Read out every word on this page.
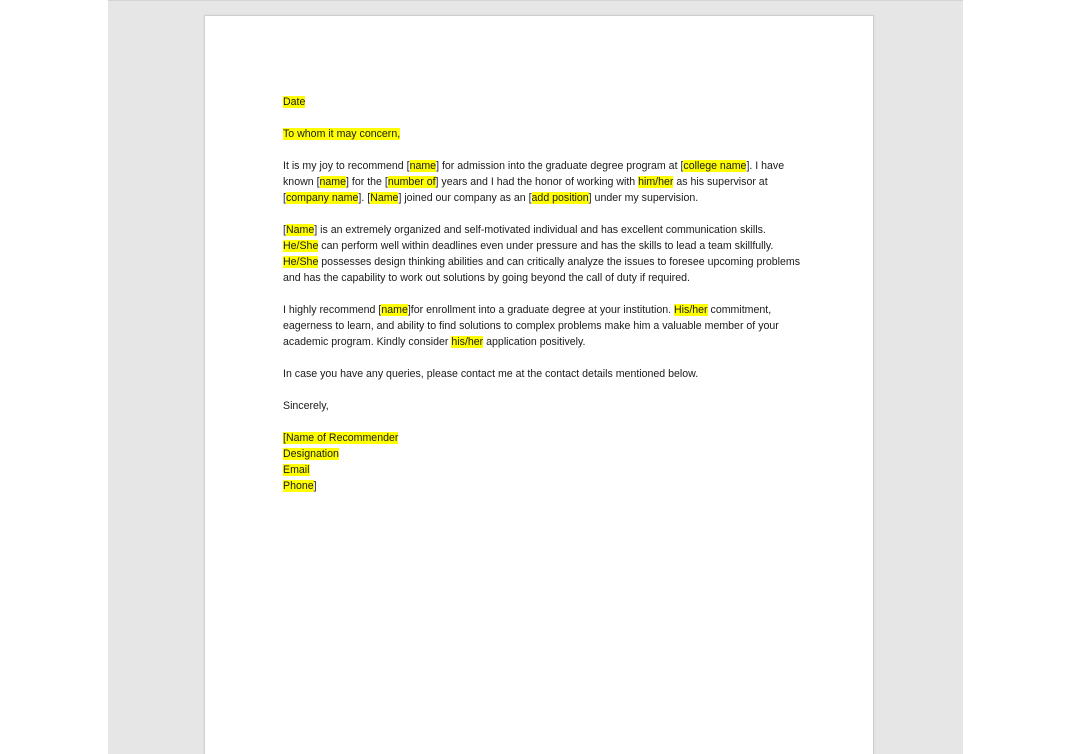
Date

To whom it may concern,

It is my joy to recommend [name] for admission into the graduate degree program at [college name]. I have known [name] for the [number of] years and I had the honor of working with him/her as his supervisor at [company name]. [Name] joined our company as an [add position] under my supervision.

[Name] is an extremely organized and self-motivated individual and has excellent communication skills. He/She can perform well within deadlines even under pressure and has the skills to lead a team skillfully. He/She possesses design thinking abilities and can critically analyze the issues to foresee upcoming problems and has the capability to work out solutions by going beyond the call of duty if required.

I highly recommend [name]for enrollment into a graduate degree at your institution. His/her commitment, eagerness to learn, and ability to find solutions to complex problems make him a valuable member of your academic program. Kindly consider his/her application positively.

In case you have any queries, please contact me at the contact details mentioned below.

Sincerely,

[Name of Recommender
Designation
Email
Phone]
